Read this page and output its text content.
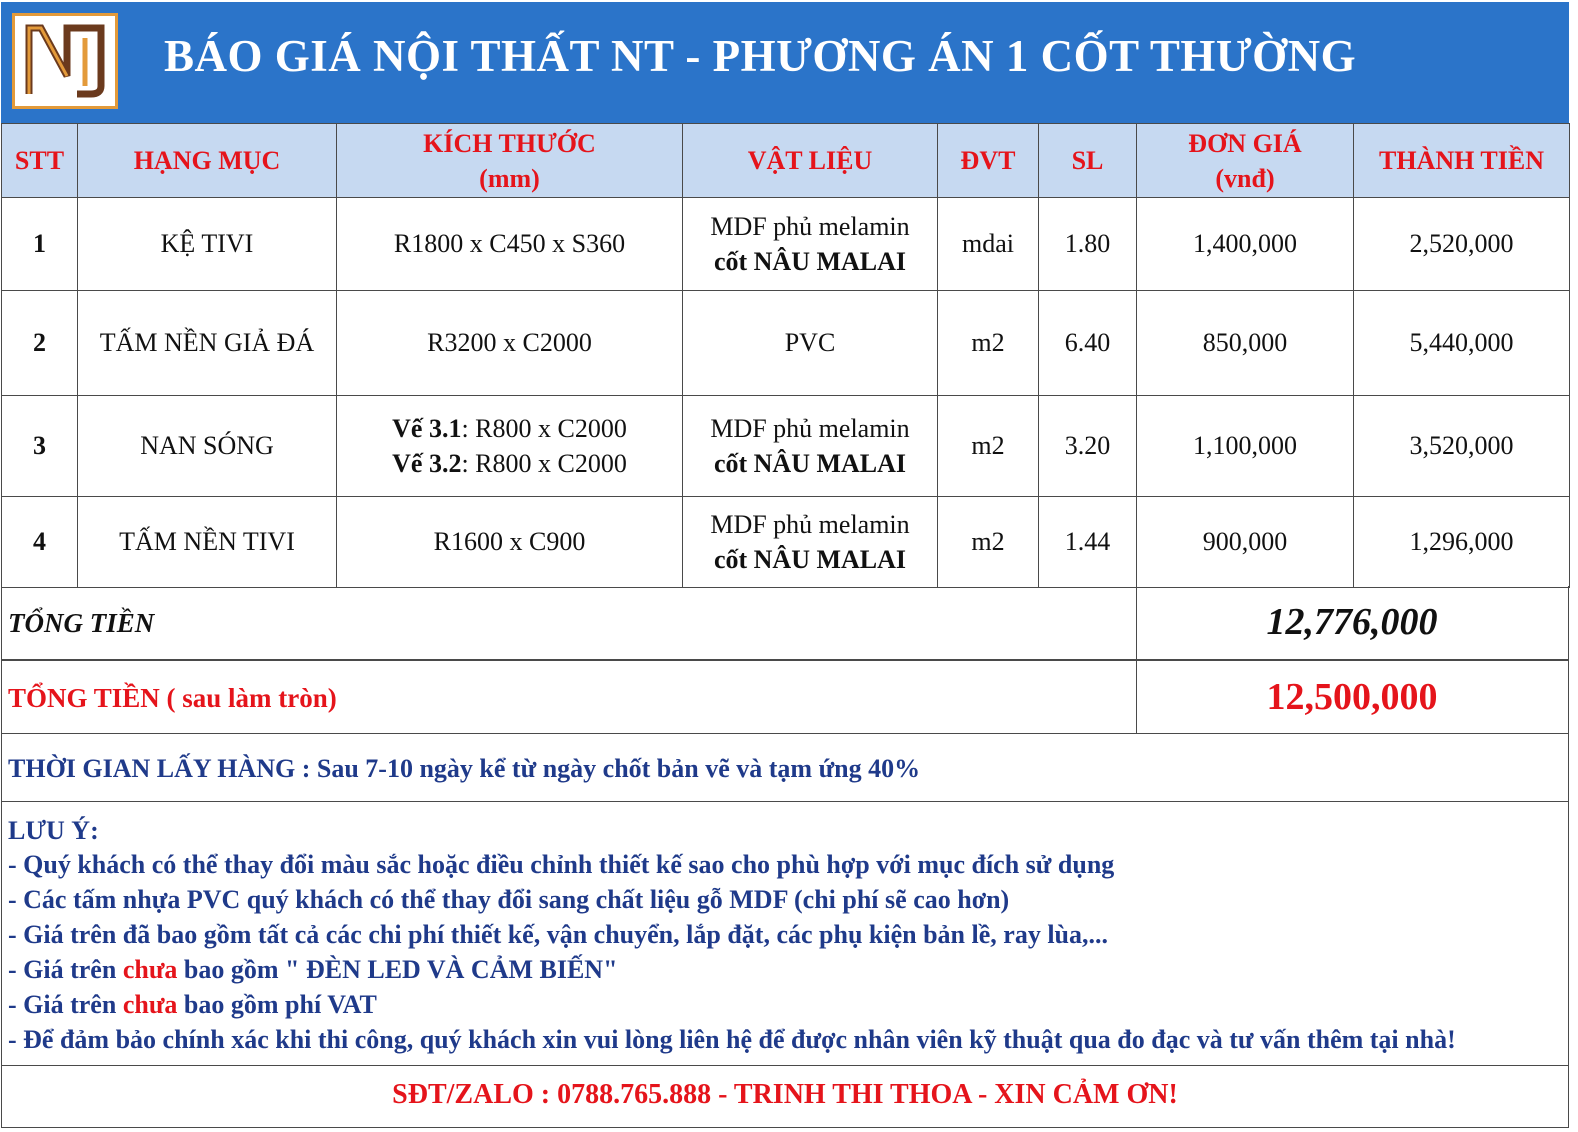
BÁO GIÁ NỘI THẤT NT - PHƯƠNG ÁN 1 CỐT THƯỜNG
STT	HẠNG MỤC	KÍCH THƯỚC
(mm)	VẬT LIỆU	ĐVT	SL	ĐƠN GIÁ
(vnđ)	THÀNH TIỀN
1	KỆ TIVI	R1800 x C450 x S360	MDF phủ melamin
cốt NÂU MALAI	mdai	1.80	1,400,000	2,520,000
2	TẤM NỀN GIẢ ĐÁ	R3200 x C2000	PVC	m2	6.40	850,000	5,440,000
3	NAN SÓNG	Vế 3.1: R800 x C2000
Vế 3.2: R800 x C2000	MDF phủ melamin
cốt NÂU MALAI	m2	3.20	1,100,000	3,520,000
4	TẤM NỀN TIVI	R1600 x C900	MDF phủ melamin
cốt NÂU MALAI	m2	1.44	900,000	1,296,000
TỔNG TIỀN	12,776,000
TỔNG TIỀN ( sau làm tròn)	12,500,000
THỜI GIAN LẤY HÀNG : Sau 7-10 ngày kể từ ngày chốt bản vẽ và tạm ứng 40%
LƯU Ý:
- Quý khách có thể thay đổi màu sắc hoặc điều chỉnh thiết kế sao cho phù hợp với mục đích sử dụng
- Các tấm nhựa PVC quý khách có thể thay đổi sang chất liệu gỗ MDF (chi phí sẽ cao hơn)
- Giá trên đã bao gồm tất cả các chi phí thiết kế, vận chuyển, lắp đặt, các phụ kiện bản lề, ray lùa,...
- Giá trên chưa bao gồm " ĐÈN LED VÀ CẢM BIẾN"
- Giá trên chưa bao gồm phí VAT
- Để đảm bảo chính xác khi thi công, quý khách xin vui lòng liên hệ để được nhân viên kỹ thuật qua đo đạc và tư vấn thêm tại nhà!
SĐT/ZALO : 0788.765.888 - TRINH THI THOA - XIN CẢM ƠN!
